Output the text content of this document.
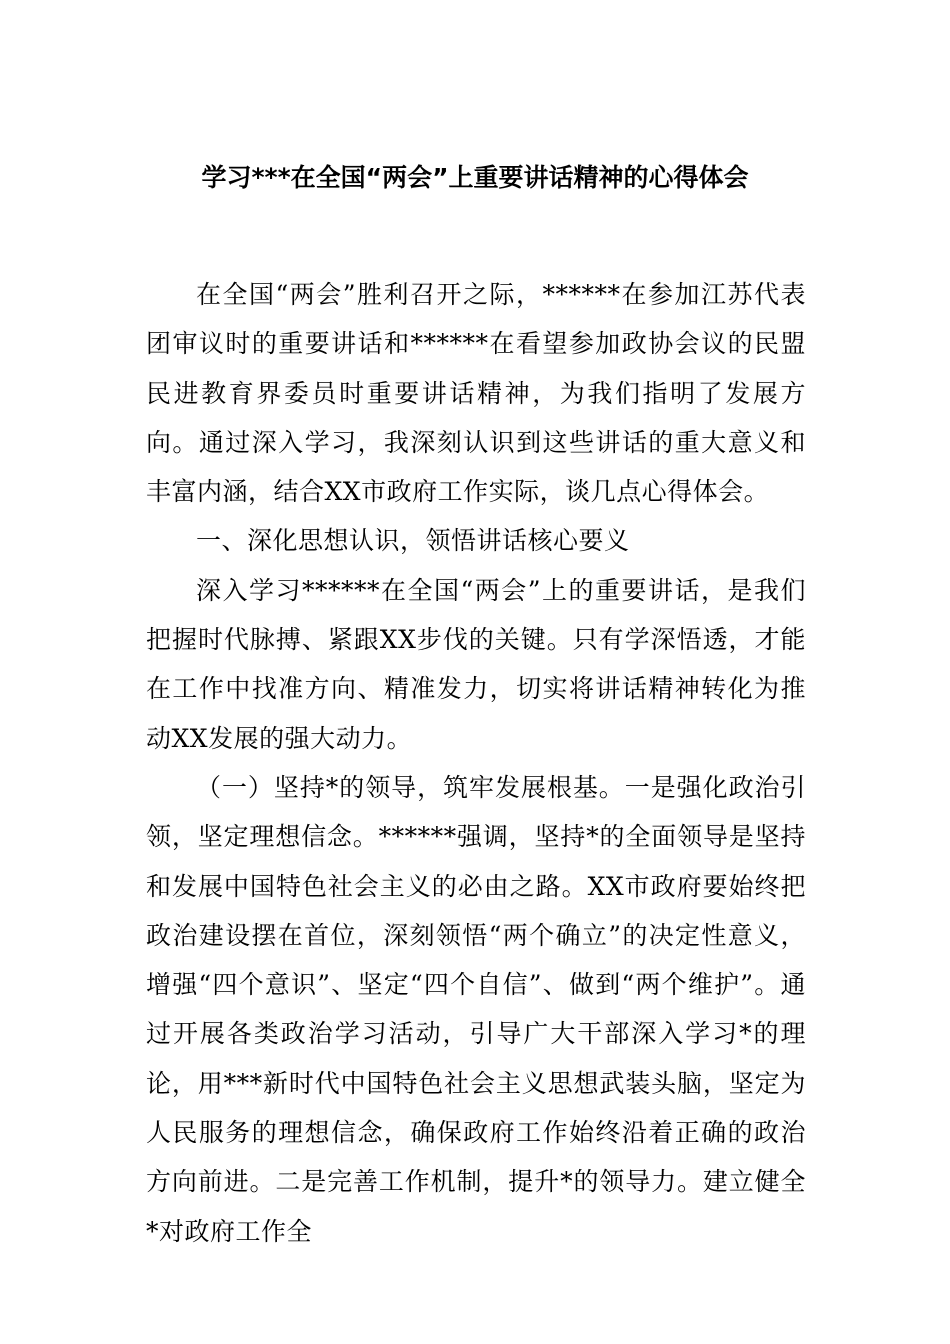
学习***在全国“两会”上重要讲话精神的心得体会

在全国“两会”胜利召开之际，******在参加江苏代表团审议时的重要讲话和******在看望参加政协会议的民盟民进教育界委员时重要讲话精神，为我们指明了发展方向。通过深入学习，我深刻认识到这些讲话的重大意义和丰富内涵，结合XX市政府工作实际，谈几点心得体会。

一、深化思想认识，领悟讲话核心要义

深入学习******在全国“两会”上的重要讲话，是我们把握时代脉搏、紧跟XX步伐的关键。只有学深悟透，才能在工作中找准方向、精准发力，切实将讲话精神转化为推动XX发展的强大动力。

（一）坚持*的领导，筑牢发展根基。一是强化政治引领，坚定理想信念。******强调，坚持*的全面领导是坚持和发展中国特色社会主义的必由之路。XX市政府要始终把政治建设摆在首位，深刻领悟“两个确立”的决定性意义，增强“四个意识”、坚定“四个自信”、做到“两个维护”。通过开展各类政治学习活动，引导广大干部深入学习*的理论，用***新时代中国特色社会主义思想武装头脑，坚定为人民服务的理想信念，确保政府工作始终沿着正确的政治方向前进。二是完善工作机制，提升*的领导力。建立健全*对政府工作全
